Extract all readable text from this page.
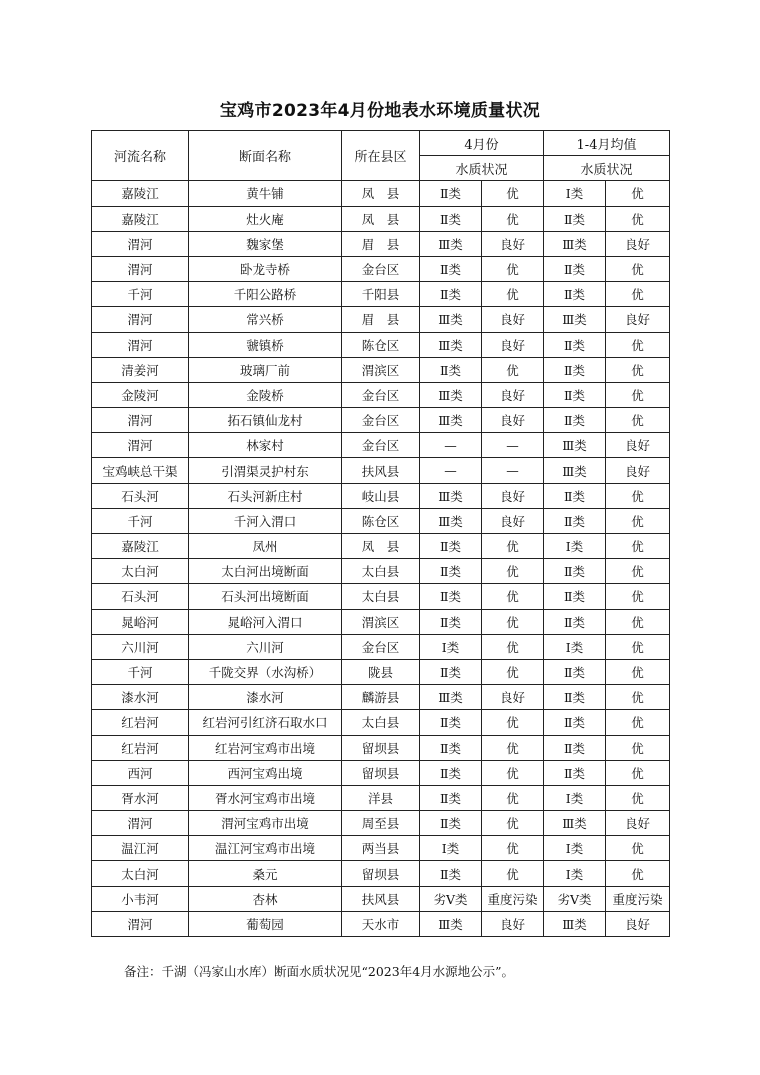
宝鸡市2023年4月份地表水环境质量状况
河流名称	断面名称	所在县区	4月份		1-4月均值	
			水质状况		水质状况	
嘉陵江	黄牛铺	凤　县	Ⅱ类	优	Ⅰ类	优
嘉陵江	灶火庵	凤　县	Ⅱ类	优	Ⅱ类	优
渭河	魏家堡	眉　县	Ⅲ类	良好	Ⅲ类	良好
渭河	卧龙寺桥	金台区	Ⅱ类	优	Ⅱ类	优
千河	千阳公路桥	千阳县	Ⅱ类	优	Ⅱ类	优
渭河	常兴桥	眉　县	Ⅲ类	良好	Ⅲ类	良好
渭河	虢镇桥	陈仓区	Ⅲ类	良好	Ⅱ类	优
清姜河	玻璃厂前	渭滨区	Ⅱ类	优	Ⅱ类	优
金陵河	金陵桥	金台区	Ⅲ类	良好	Ⅱ类	优
渭河	拓石镇仙龙村	金台区	Ⅲ类	良好	Ⅱ类	优
渭河	林家村	金台区	—	—	Ⅲ类	良好
宝鸡峡总干渠	引渭渠灵护村东	扶风县	—	—	Ⅲ类	良好
石头河	石头河新庄村	岐山县	Ⅲ类	良好	Ⅱ类	优
千河	千河入渭口	陈仓区	Ⅲ类	良好	Ⅱ类	优
嘉陵江	凤州	凤　县	Ⅱ类	优	Ⅰ类	优
太白河	太白河出境断面	太白县	Ⅱ类	优	Ⅱ类	优
石头河	石头河出境断面	太白县	Ⅱ类	优	Ⅱ类	优
晁峪河	晁峪河入渭口	渭滨区	Ⅱ类	优	Ⅱ类	优
六川河	六川河	金台区	Ⅰ类	优	Ⅰ类	优
千河	千陇交界（水沟桥）	陇县	Ⅱ类	优	Ⅱ类	优
漆水河	漆水河	麟游县	Ⅲ类	良好	Ⅱ类	优
红岩河	红岩河引红济石取水口	太白县	Ⅱ类	优	Ⅱ类	优
红岩河	红岩河宝鸡市出境	留坝县	Ⅱ类	优	Ⅱ类	优
西河	西河宝鸡出境	留坝县	Ⅱ类	优	Ⅱ类	优
胥水河	胥水河宝鸡市出境	洋县	Ⅱ类	优	Ⅰ类	优
渭河	渭河宝鸡市出境	周至县	Ⅱ类	优	Ⅲ类	良好
温江河	温江河宝鸡市出境	两当县	Ⅰ类	优	Ⅰ类	优
太白河	桑元	留坝县	Ⅱ类	优	Ⅰ类	优
小韦河	杏林	扶风县	劣Ⅴ类	重度污染	劣Ⅴ类	重度污染
渭河	葡萄园	天水市	Ⅲ类	良好	Ⅲ类	良好
备注：千湖（冯家山水库）断面水质状况见“2023年4月水源地公示”。
